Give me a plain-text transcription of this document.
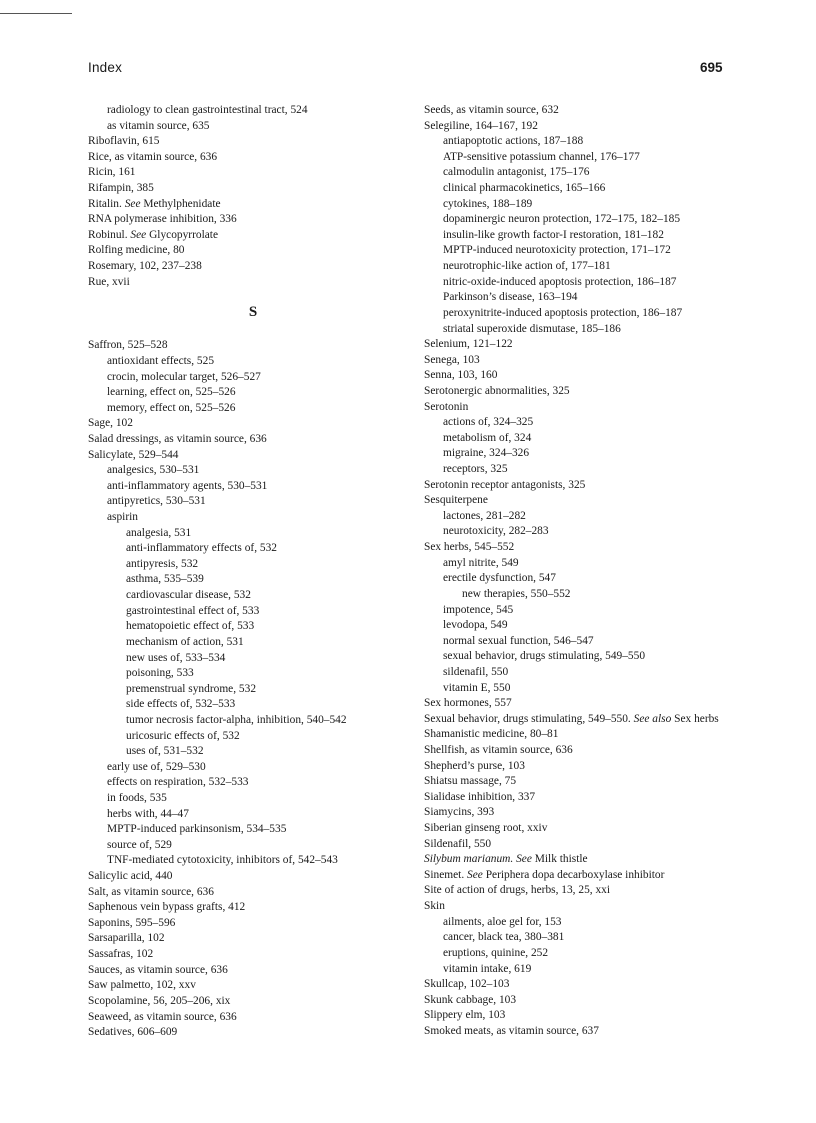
Index	695
radiology to clean gastrointestinal tract, 524
as vitamin source, 635
Riboflavin, 615
Rice, as vitamin source, 636
Ricin, 161
Rifampin, 385
Ritalin. See Methylphenidate
RNA polymerase inhibition, 336
Robinul. See Glycopyrrolate
Rolfing medicine, 80
Rosemary, 102, 237–238
Rue, xvii
S
Saffron, 525–528
antioxidant effects, 525
crocin, molecular target, 526–527
learning, effect on, 525–526
memory, effect on, 525–526
Sage, 102
Salad dressings, as vitamin source, 636
Salicylate, 529–544
analgesics, 530–531
anti-inflammatory agents, 530–531
antipyretics, 530–531
aspirin
analgesia, 531
anti-inflammatory effects of, 532
antipyresis, 532
asthma, 535–539
cardiovascular disease, 532
gastrointestinal effect of, 533
hematopoietic effect of, 533
mechanism of action, 531
new uses of, 533–534
poisoning, 533
premenstrual syndrome, 532
side effects of, 532–533
tumor necrosis factor-alpha, inhibition, 540–542
uricosuric effects of, 532
uses of, 531–532
early use of, 529–530
effects on respiration, 532–533
in foods, 535
herbs with, 44–47
MPTP-induced parkinsonism, 534–535
source of, 529
TNF-mediated cytotoxicity, inhibitors of, 542–543
Salicylic acid, 440
Salt, as vitamin source, 636
Saphenous vein bypass grafts, 412
Saponins, 595–596
Sarsaparilla, 102
Sassafras, 102
Sauces, as vitamin source, 636
Saw palmetto, 102, xxv
Scopolamine, 56, 205–206, xix
Seaweed, as vitamin source, 636
Sedatives, 606–609
Seeds, as vitamin source, 632
Selegiline, 164–167, 192
antiapoptotic actions, 187–188
ATP-sensitive potassium channel, 176–177
calmodulin antagonist, 175–176
clinical pharmacokinetics, 165–166
cytokines, 188–189
dopaminergic neuron protection, 172–175, 182–185
insulin-like growth factor-I restoration, 181–182
MPTP-induced neurotoxicity protection, 171–172
neurotrophic-like action of, 177–181
nitric-oxide-induced apoptosis protection, 186–187
Parkinson’s disease, 163–194
peroxynitrite-induced apoptosis protection, 186–187
striatal superoxide dismutase, 185–186
Selenium, 121–122
Senega, 103
Senna, 103, 160
Serotonergic abnormalities, 325
Serotonin
actions of, 324–325
metabolism of, 324
migraine, 324–326
receptors, 325
Serotonin receptor antagonists, 325
Sesquiterpene
lactones, 281–282
neurotoxicity, 282–283
Sex herbs, 545–552
amyl nitrite, 549
erectile dysfunction, 547
new therapies, 550–552
impotence, 545
levodopa, 549
normal sexual function, 546–547
sexual behavior, drugs stimulating, 549–550
sildenafil, 550
vitamin E, 550
Sex hormones, 557
Sexual behavior, drugs stimulating, 549–550. See also Sex herbs
Shamanistic medicine, 80–81
Shellfish, as vitamin source, 636
Shepherd’s purse, 103
Shiatsu massage, 75
Sialidase inhibition, 337
Siamycins, 393
Siberian ginseng root, xxiv
Sildenafil, 550
Silybum marianum. See Milk thistle
Sinemet. See Periphera dopa decarboxylase inhibitor
Site of action of drugs, herbs, 13, 25, xxi
Skin
ailments, aloe gel for, 153
cancer, black tea, 380–381
eruptions, quinine, 252
vitamin intake, 619
Skullcap, 102–103
Skunk cabbage, 103
Slippery elm, 103
Smoked meats, as vitamin source, 637
